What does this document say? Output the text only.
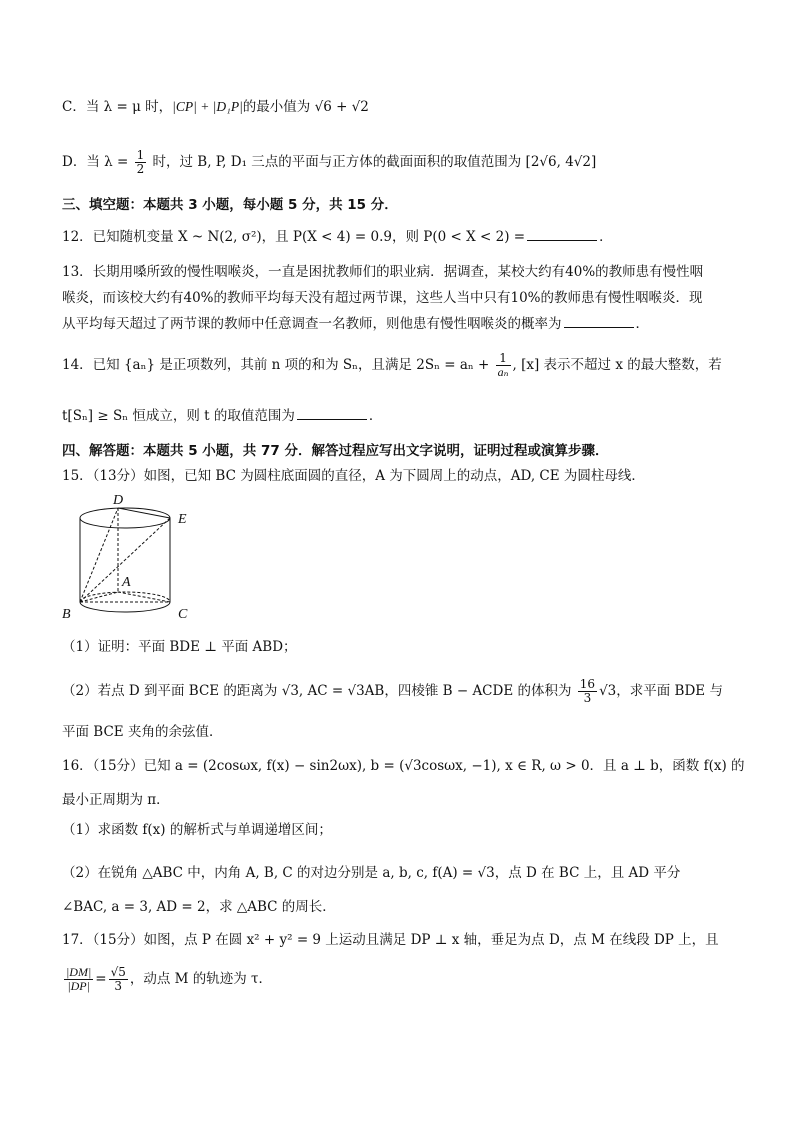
C．当 λ = μ 时，|CP| + |D₁P|的最小值为 √6 + √2
D．当 $\lambda = \frac{1}{2}$ 时，过 B, P, D₁ 三点的平面与正方体的截面面积的取值范围为 [2√6, 4√2]
三、填空题：本题共 3 小题，每小题 5 分，共 15 分．
12．已知随机变量 X ~ N(2, σ²)，且 P(X < 4) = 0.9，则 P(0 < X < 2) =	．
13．长期用嗓所致的慢性咽喉炎，一直是困扰教师们的职业病．据调查，某校大约有40%的教师患有慢性咽
喉炎，而该校大约有40%的教师平均每天没有超过两节课，这些人当中只有10%的教师患有慢性咽喉炎．现
从平均每天超过了两节课的教师中任意调查一名教师，则他患有慢性咽喉炎的概率为	．
14．已知 {aₙ} 是正项数列，其前 n 项的和为 Sₙ，且满足 $2S_n = a_n + \frac{1}{\text{aₙ}}$ , [x] 表示不超过 x 的最大整数，若
t[Sₙ] ≥ Sₙ 恒成立，则 t 的取值范围为	．
四、解答题：本题共 5 小题，共 77 分．解答过程应写出文字说明，证明过程或演算步骤．
15．（13分）如图，已知 BC 为圆柱底面圆的直径，A 为下圆周上的动点，AD, CE 为圆柱母线．
D
E
A
B	C
（1）证明：平面 BDE ⊥ 平面 ABD；
（2）若点 D 到平面 BCE 的距离为 √3, AC = √3AB，四棱锥 B − ACDE 的体积为 $\frac{16}{3} √3$，求平面 BDE 与
平面 BCE 夹角的余弦值．
16．（15分）已知 a = (2cosωx, f(x) − sin2ωx), b = (√3cosωx, −1), x ∈ R, ω > 0．且 a ⊥ b，函数 f(x) 的
最小正周期为 π．
（1）求函数 f(x) 的解析式与单调递增区间；
（2）在锐角 △ABC 中，内角 A, B, C 的对边分别是 a, b, c, f(A) = √3，点 D 在 BC 上，且 AD 平分
∠BAC, a = 3, AD = 2，求 △ABC 的周长．
17．（15分）如图，点 P 在圆 x² + y² = 9 上运动且满足 DP ⊥ x 轴，垂足为点 D，点 M 在线段 DP 上，且
$\frac{|DM|}{|DP|} = \frac{√5}{3}$ ，动点 M 的轨迹为 τ．
